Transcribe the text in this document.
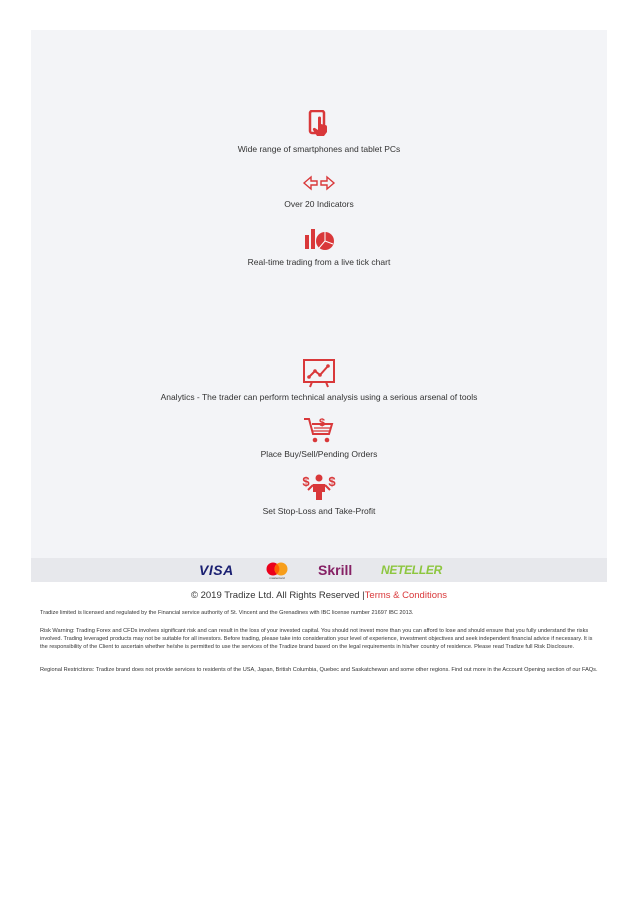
Wide range of smartphones and tablet PCs
Over 20 Indicators
Real-time trading from a live tick chart
Analytics - The trader can perform technical analysis using a serious arsenal of tools
$
Place Buy/Sell/Pending Orders
$ $
Set Stop-Loss and Take-Profit
VISA	mastercard Skrill NETELLER
© 2019 Tradize Ltd. All Rights Reserved |Terms & Conditions
Tradize limited is licensed and regulated by the Financial service authority of St. Vincent and the Grenadines with IBC license number 21697 IBC 2013.
Risk Warning: Trading Forex and CFDs involves significant risk and can result in the loss of your invested capital. You should not invest more than you can afford to lose and should ensure that you fully understand the risks involved. Trading leveraged products may not be suitable for all investors. Before trading, please take into consideration your level of experience, investment objectives and seek independent financial advice if necessary. It is the responsibility of the Client to ascertain whether he/she is permitted to use the services of the Tradize brand based on the legal requirements in his/her country of residence. Please read Tradize full Risk Disclosure.
Regional Restrictions: Tradize brand does not provide services to residents of the USA, Japan, British Columbia, Quebec and Saskatchewan and some other regions. Find out more in the Account Opening section of our FAQs.
